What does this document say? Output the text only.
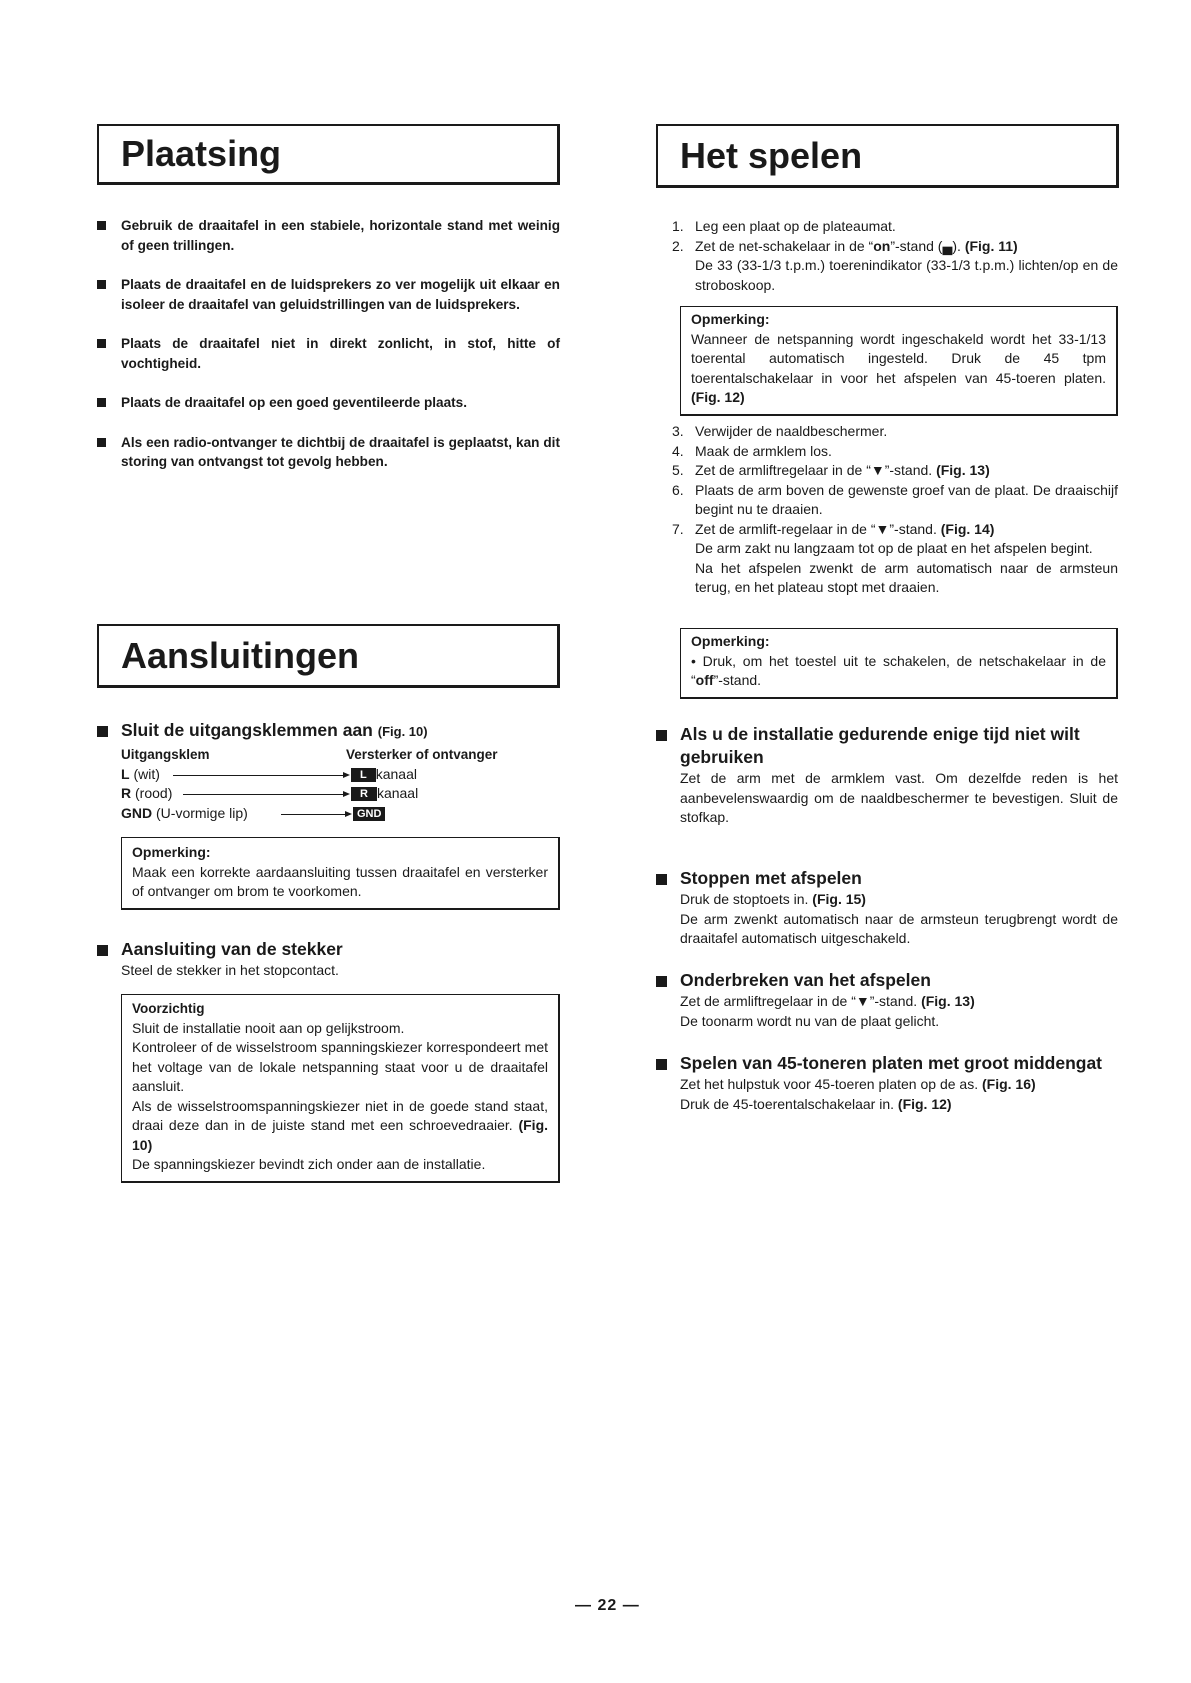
Plaatsing
Gebruik de draaitafel in een stabiele, horizontale stand met weinig of geen trillingen.
Plaats de draaitafel en de luidsprekers zo ver mogelijk uit elkaar en isoleer de draaitafel van geluidstrillingen van de luidsprekers.
Plaats de draaitafel niet in direkt zonlicht, in stof, hitte of vochtigheid.
Plaats de draaitafel op een goed geventileerde plaats.
Als een radio-ontvanger te dichtbij de draaitafel is geplaatst, kan dit storing van ontvangst tot gevolg hebben.
Aansluitingen
Sluit de uitgangsklemmen aan (Fig. 10)
Uitgangsklem	Versterker of ontvanger
L (wit)	L kanaal
R (rood)	R kanaal
GND (U-vormige lip)	GND
Opmerking:
Maak een korrekte aardaansluiting tussen draaitafel en versterker of ontvanger om brom te voorkomen.
Aansluiting van de stekker
Steel de stekker in het stopcontact.
Voorzichtig
Sluit de installatie nooit aan op gelijkstroom.
Kontroleer of de wisselstroom spanningskiezer korrespondeert met het voltage van de lokale netspanning staat voor u de draaitafel aansluit.
Als de wisselstroomspanningskiezer niet in de goede stand staat, draai deze dan in de juiste stand met een schroevedraaier. (Fig. 10)
De spanningskiezer bevindt zich onder aan de installatie.
Het spelen
1. Leg een plaat op de plateaumat.
2. Zet de net-schakelaar in de “on”-stand (▄). (Fig. 11)
De 33 (33-1/3 t.p.m.) toerenindikator (33-1/3 t.p.m.) lichten/op en de stroboskoop.
Opmerking:
Wanneer de netspanning wordt ingeschakeld wordt het 33-1/13 toerental automatisch ingesteld. Druk de 45 tpm toerentalschakelaar in voor het afspelen van 45-toeren platen. (Fig. 12)
3. Verwijder de naaldbeschermer.
4. Maak de armklem los.
5. Zet de armliftregelaar in de “▼”-stand. (Fig. 13)
6. Plaats de arm boven de gewenste groef van de plaat. De draaischijf begint nu te draaien.
7. Zet de armlift-regelaar in de “▼”-stand. (Fig. 14)
De arm zakt nu langzaam tot op de plaat en het afspelen begint.
Na het afspelen zwenkt de arm automatisch naar de armsteun terug, en het plateau stopt met draaien.
Opmerking:
• Druk, om het toestel uit te schakelen, de netschakelaar in de “off”-stand.
Als u de installatie gedurende enige tijd niet wilt gebruiken
Zet de arm met de armklem vast. Om dezelfde reden is het aanbevelenswaardig om de naaldbeschermer te bevestigen. Sluit de stofkap.
Stoppen met afspelen
Druk de stoptoets in. (Fig. 15)
De arm zwenkt automatisch naar de armsteun terugbrengt wordt de draaitafel automatisch uitgeschakeld.
Onderbreken van het afspelen
Zet de armliftregelaar in de “▼”-stand. (Fig. 13)
De toonarm wordt nu van de plaat gelicht.
Spelen van 45-toneren platen met groot middengat
Zet het hulpstuk voor 45-toeren platen op de as. (Fig. 16)
Druk de 45-toerentalschakelaar in. (Fig. 12)
— 22 —
